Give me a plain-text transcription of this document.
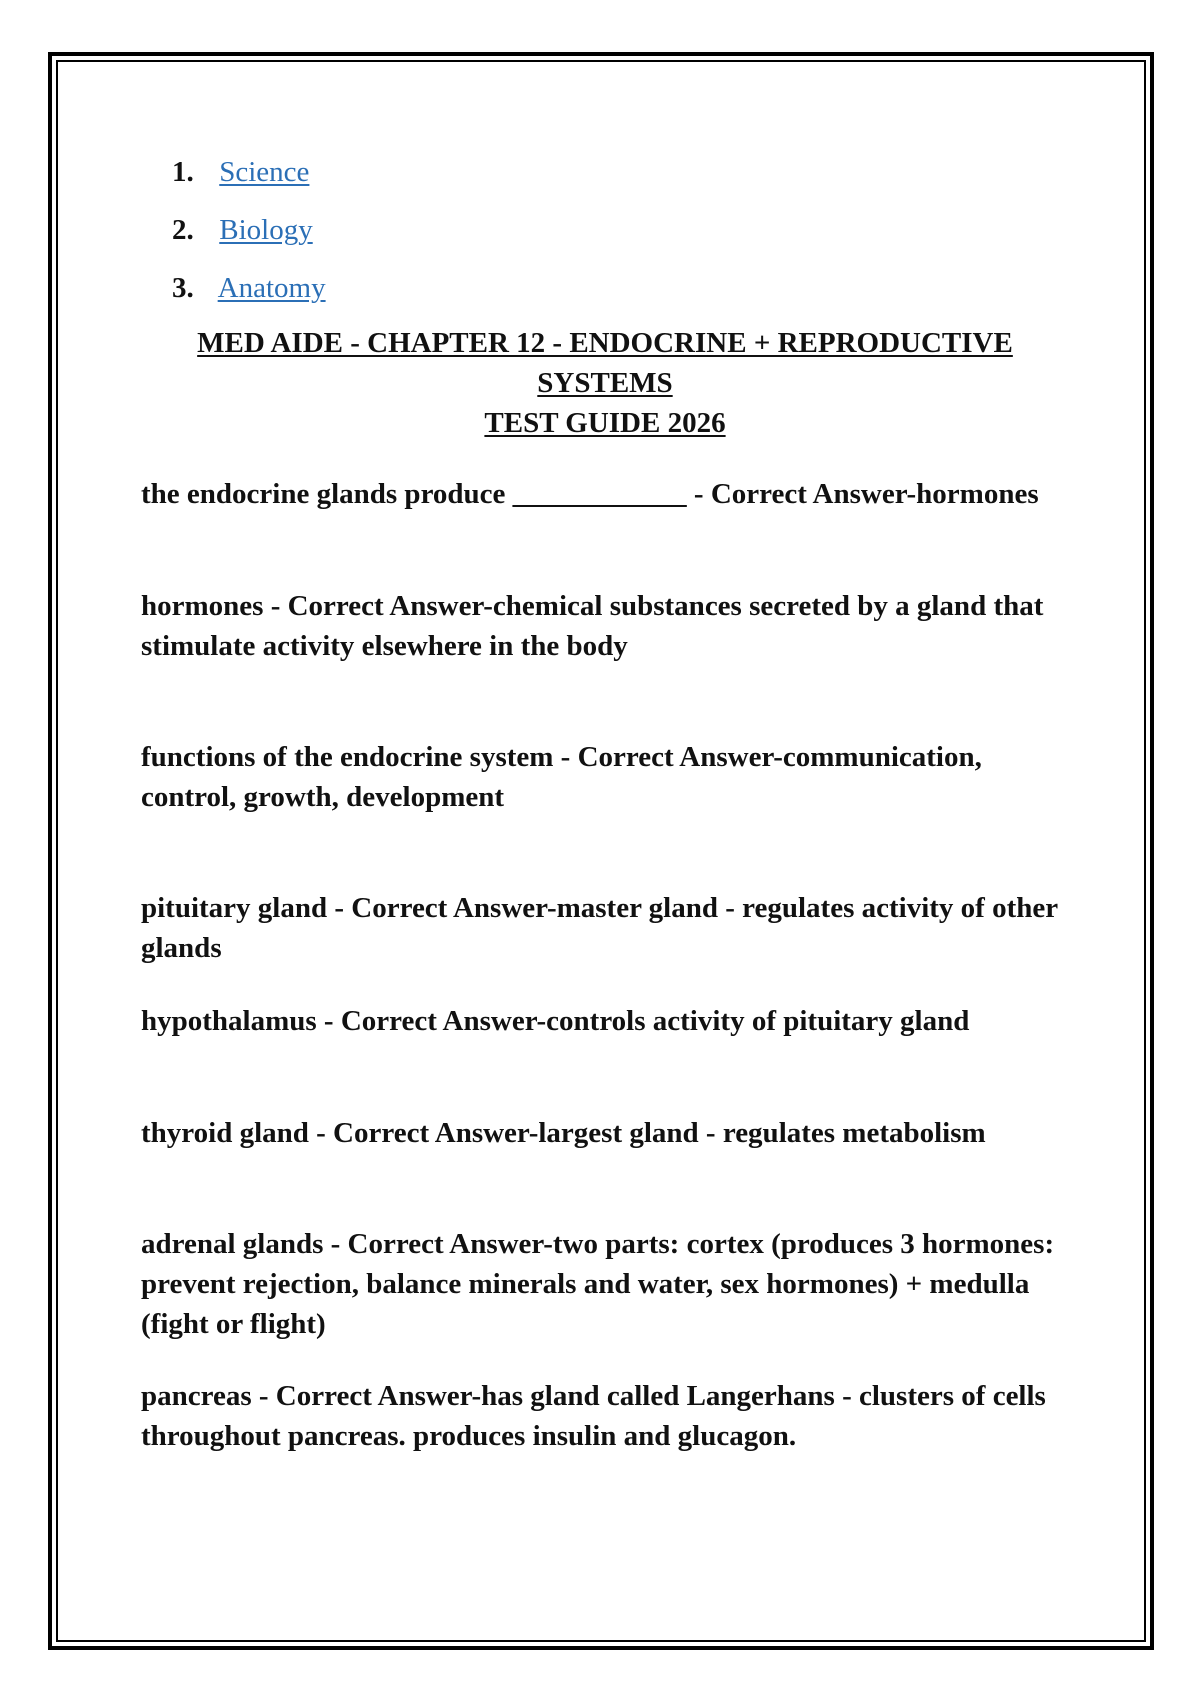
1. Science
2. Biology
3. Anatomy
MED AIDE - CHAPTER 12 - ENDOCRINE + REPRODUCTIVE SYSTEMS
TEST GUIDE 2026
the endocrine glands produce ____________ - Correct Answer-hormones
hormones - Correct Answer-chemical substances secreted by a gland that stimulate activity elsewhere in the body
functions of the endocrine system - Correct Answer-communication, control, growth, development
pituitary gland - Correct Answer-master gland - regulates activity of other glands
hypothalamus - Correct Answer-controls activity of pituitary gland
thyroid gland - Correct Answer-largest gland - regulates metabolism
adrenal glands - Correct Answer-two parts: cortex (produces 3 hormones: prevent rejection, balance minerals and water, sex hormones) + medulla (fight or flight)
pancreas - Correct Answer-has gland called Langerhans - clusters of cells throughout pancreas. produces insulin and glucagon.
